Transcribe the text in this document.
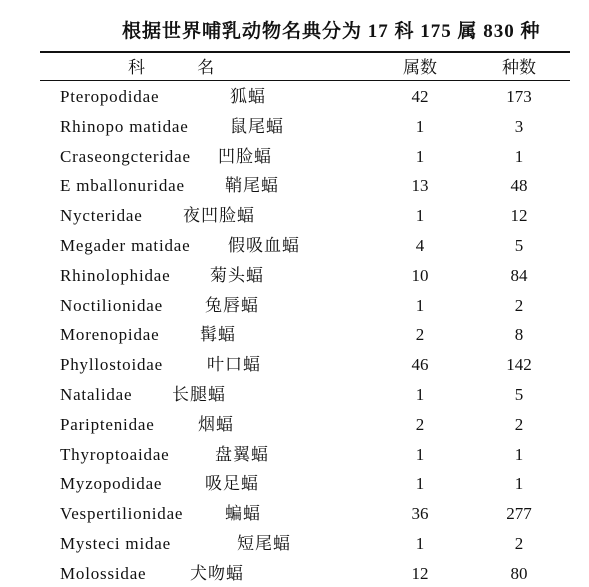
根据世界哺乳动物名典分为 17 科 175 属 830 种
科 名	属数	种数
Pteropodidae	狐蝠	42	173
Rhinopo matidae 鼠尾蝠	1	3
Craseongcteridae 凹脸蝠	1	1
E mballonuridae 鞘尾蝠	13	48
Nycteridae 夜凹脸蝠	1	12
Megader matidae 假吸血蝠	4	5
Rhinolophidae 菊头蝠	10	84
Noctilionidae 兔唇蝠	1	2
Morenopidae 髯蝠	2	8
Phyllostoidae	叶口蝠	46	142
Natalidae 长腿蝠	1	5
Pariptenidae	烟蝠	2	2
Thyroptoaidae	盘翼蝠	1	1
Myzopodidae	吸足蝠	1	1
Vespertilionidae 蝙蝠	36	277
Mysteci midae	短尾蝠	1	2
Molossidae	犬吻蝠	12	80
